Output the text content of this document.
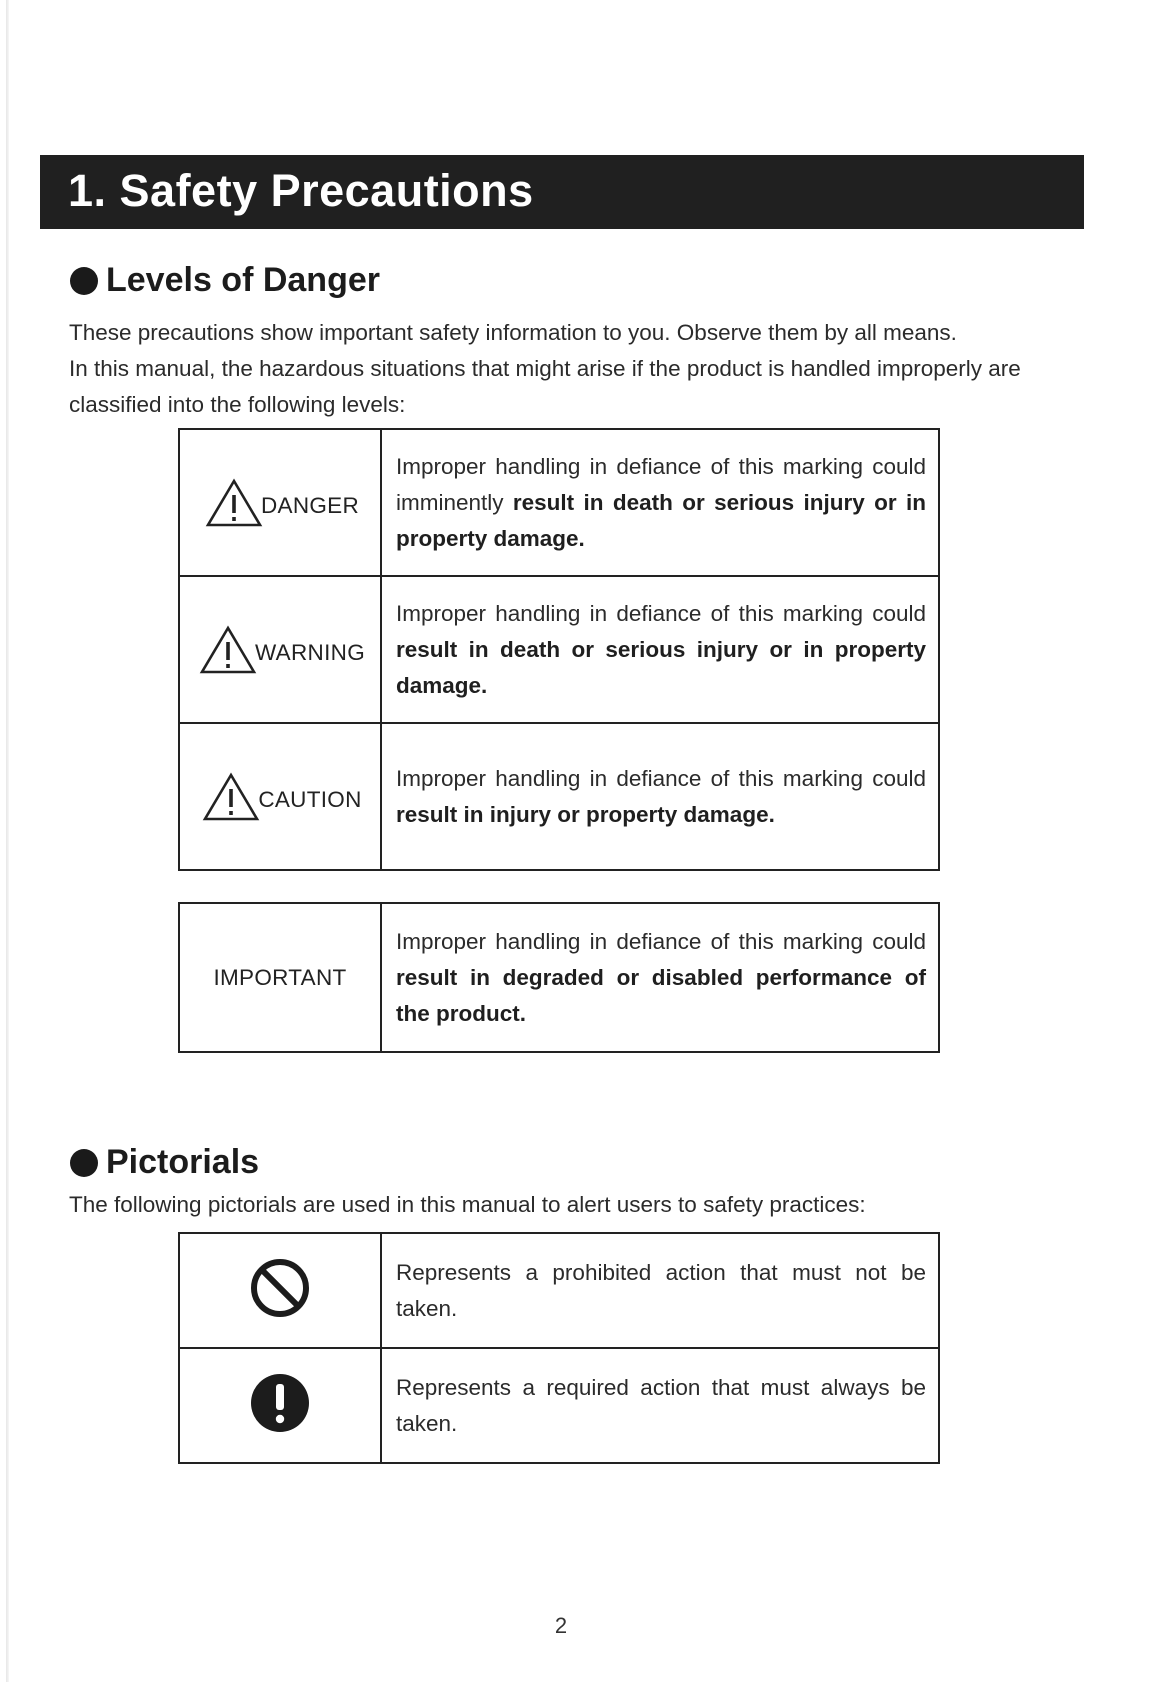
1. Safety Precautions
Levels of Danger
These precautions show important safety information to you. Observe them by all means.
In this manual, the hazardous situations that might arise if the product is handled improperly are
classified into the following levels:
DANGER	Improper handling in defiance of this marking could imminently result in death or serious injury or in property damage.

WARNING	Improper handling in defiance of this marking could result in death or serious injury or in property damage.

CAUTION	Improper handling in defiance of this marking could result in injury or property damage.
IMPORTANT	Improper handling in defiance of this marking could result in degraded or disabled performance of the product.
Pictorials
The following pictorials are used in this manual to alert users to safety practices:
	Represents a prohibited action that must not be taken.
	Represents a required action that must always be taken.
2
